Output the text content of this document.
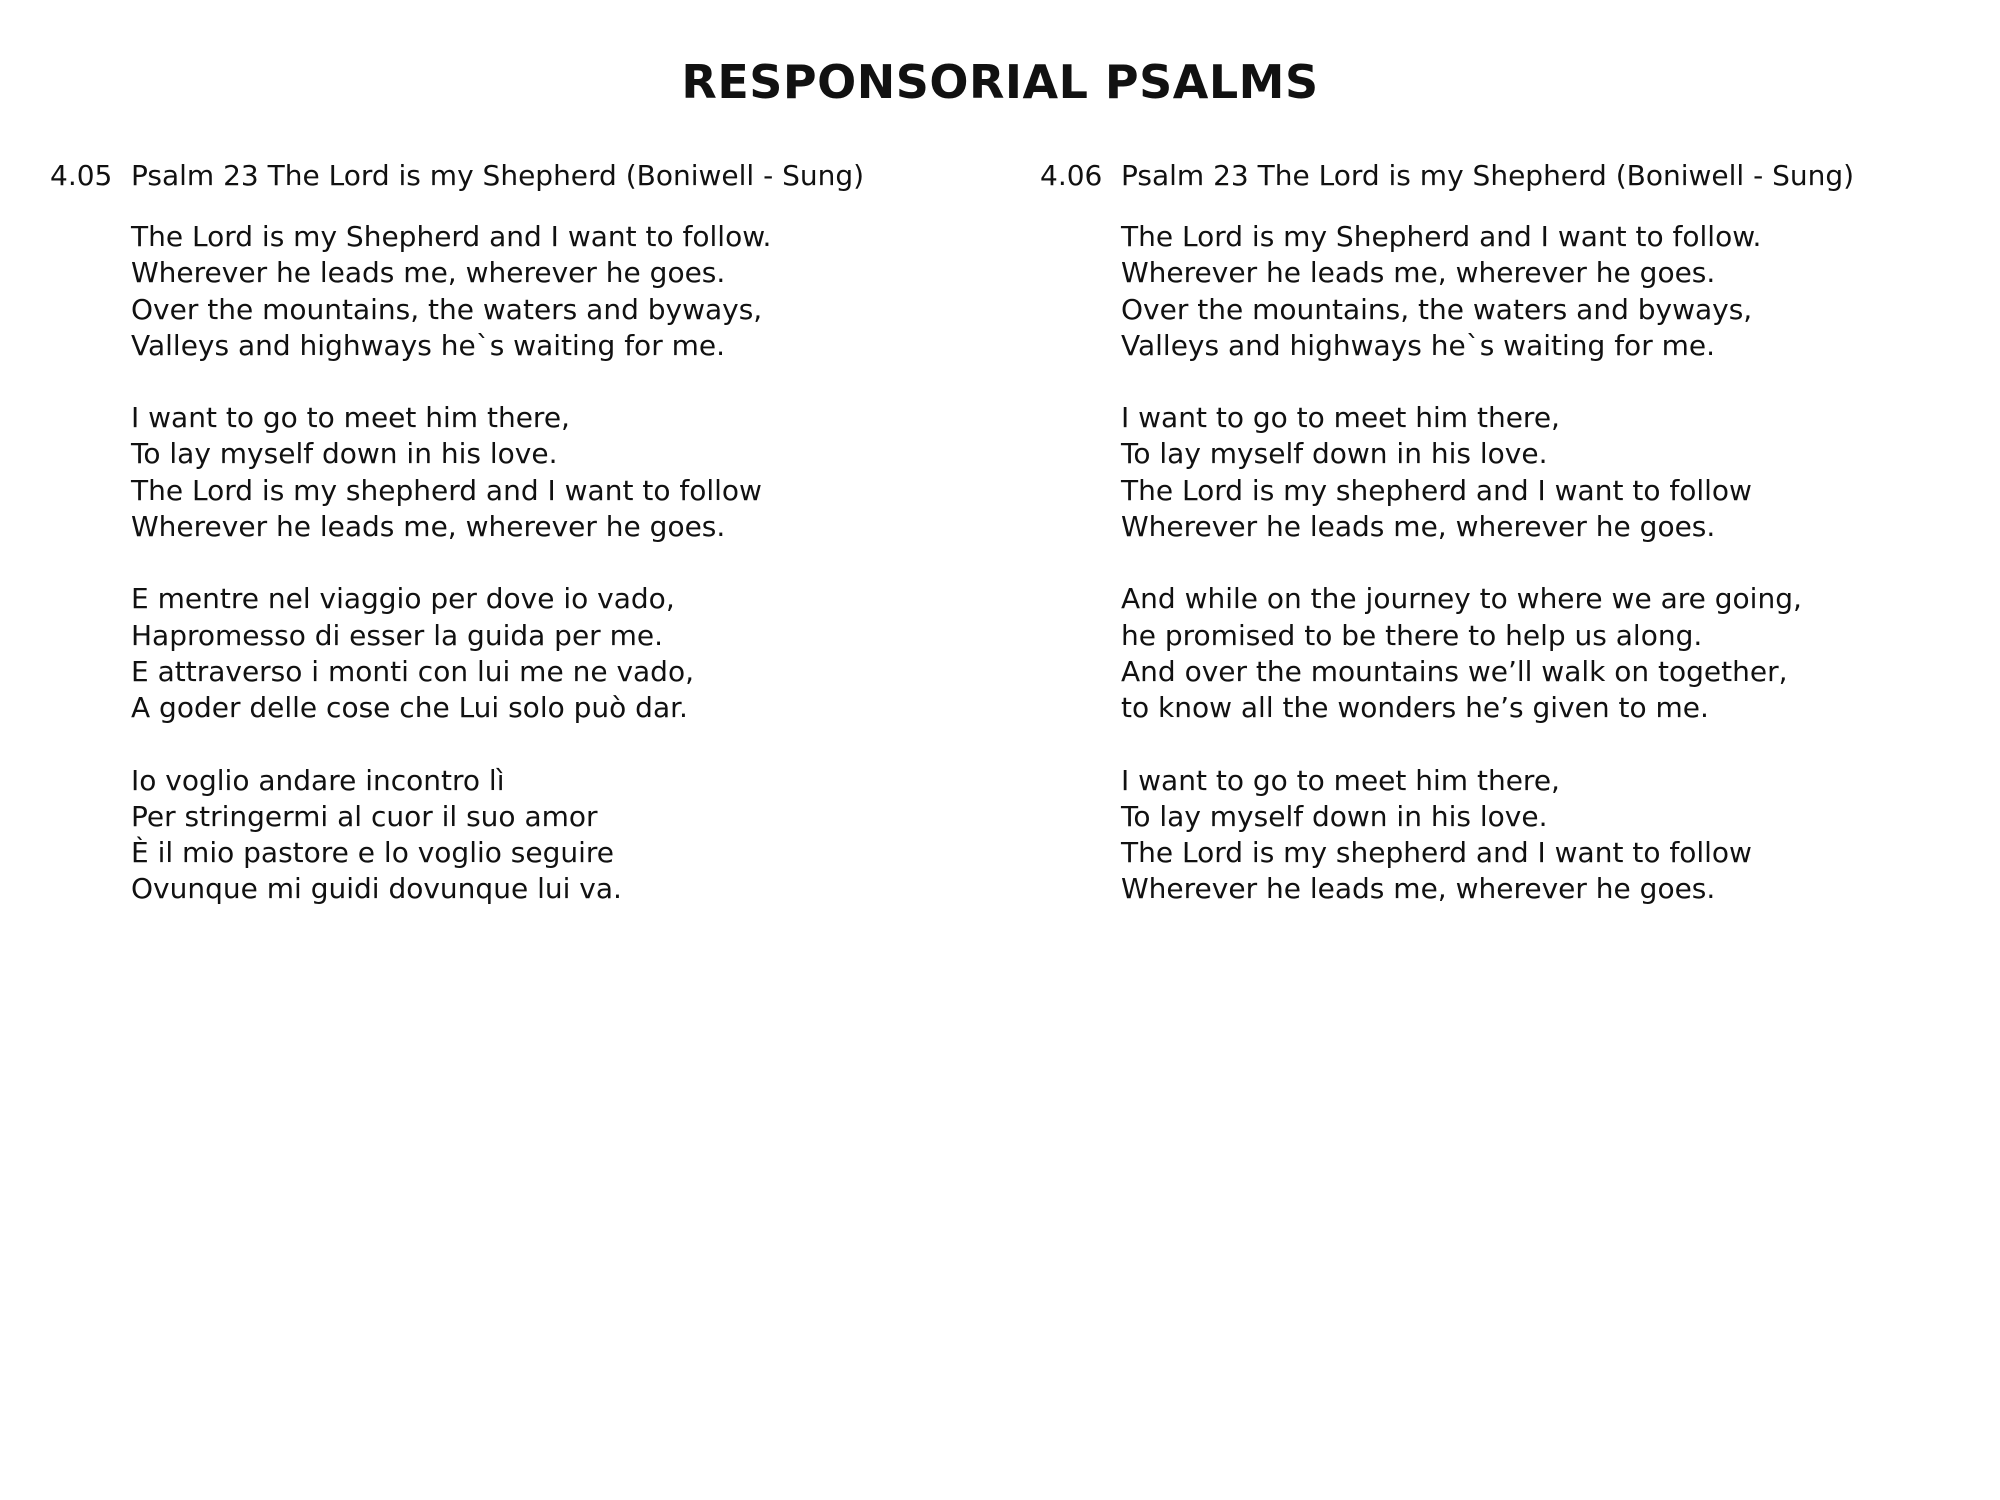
RESPONSORIAL PSALMS
4.05 Psalm 23 The Lord is my Shepherd (Boniwell - Sung)
The Lord is my Shepherd and I want to follow.
Wherever he leads me, wherever he goes.
Over the mountains, the waters and byways,
Valleys and highways he`s waiting for me.
I want to go to meet him there,
To lay myself down in his love.
The Lord is my shepherd and I want to follow
Wherever he leads me, wherever he goes.
E mentre nel viaggio per dove io vado,
Hapromesso di esser la guida per me.
E attraverso i monti con lui me ne vado,
A goder delle cose che Lui solo può dar.
Io voglio andare incontro lì
Per stringermi al cuor il suo amor
È il mio pastore e lo voglio seguire
Ovunque mi guidi dovunque lui va.
4.06 Psalm 23 The Lord is my Shepherd (Boniwell - Sung)
The Lord is my Shepherd and I want to follow.
Wherever he leads me, wherever he goes.
Over the mountains, the waters and byways,
Valleys and highways he`s waiting for me.
I want to go to meet him there,
To lay myself down in his love.
The Lord is my shepherd and I want to follow
Wherever he leads me, wherever he goes.
And while on the journey to where we are going,
he promised to be there to help us along.
And over the mountains we’ll walk on together,
to know all the wonders he’s given to me.
I want to go to meet him there,
To lay myself down in his love.
The Lord is my shepherd and I want to follow
Wherever he leads me, wherever he goes.
